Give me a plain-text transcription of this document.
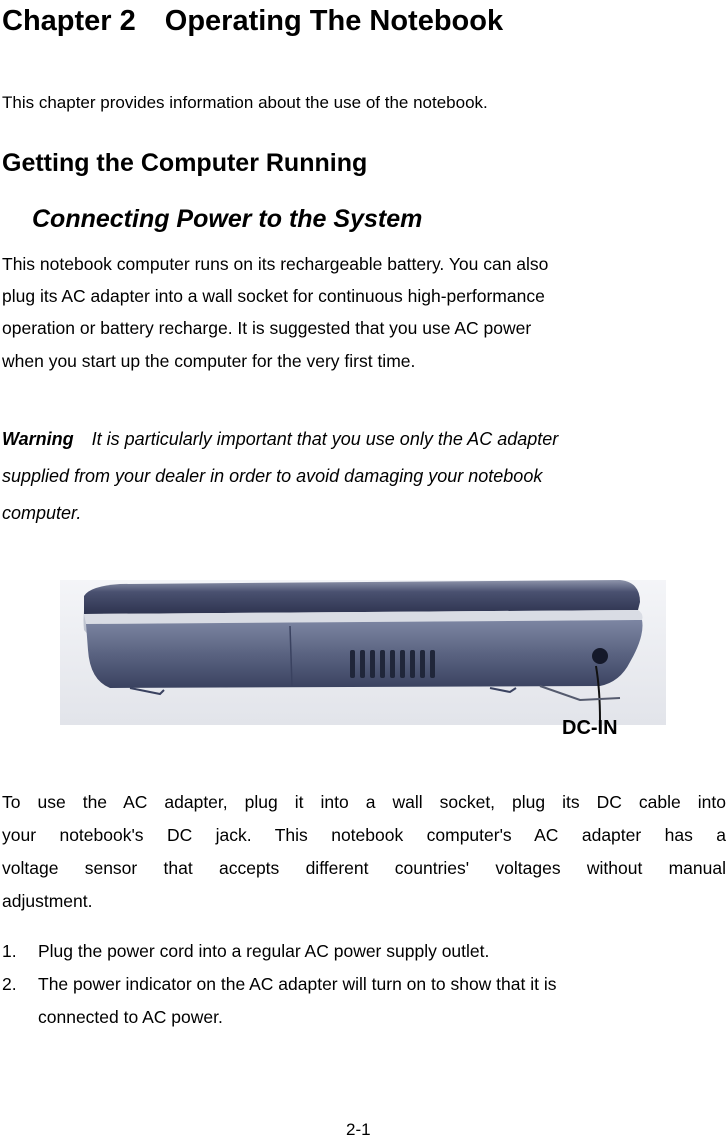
Chapter 2　Operating The Notebook
This chapter provides information about the use of the notebook.
Getting the Computer Running
Connecting Power to the System
This notebook computer runs on its rechargeable battery. You can also
plug its AC adapter into a wall socket for continuous high-performance
operation or battery recharge. It is suggested that you use AC power
when you start up the computer for the very first time.
Warning　It is particularly important that you use only the AC adapter
supplied from your dealer in order to avoid damaging your notebook
computer.
DC-IN
To use the AC adapter, plug it into a wall socket, plug its DC cable into
your notebook's DC jack. This notebook computer's AC adapter has a
voltage sensor that accepts different countries' voltages without manual
adjustment.
1. Plug the power cord into a regular AC power supply outlet.
2. The power indicator on the AC adapter will turn on to show that it is
connected to AC power.
2-1
